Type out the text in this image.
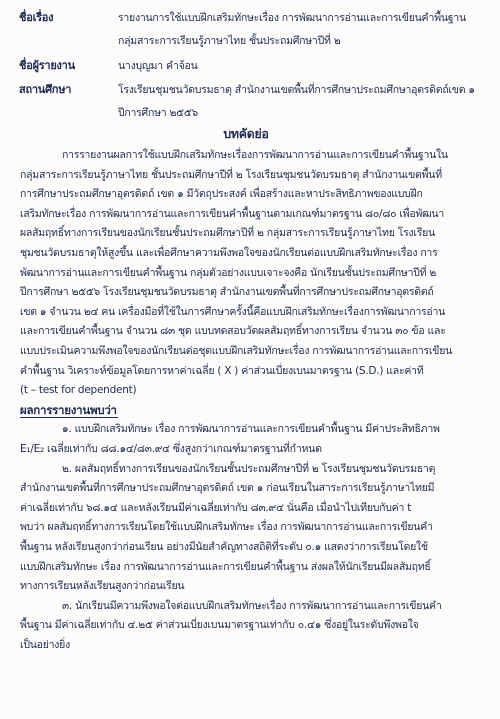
ชื่อเรื่อง	รายงานการใช้แบบฝึกเสริมทักษะเรื่อง การพัฒนาการอ่านและการเขียนคำพื้นฐาน
กลุ่มสาระการเรียนรู้ภาษาไทย ชั้นประถมศึกษาปีที่ ๒
ชื่อผู้รายงาน	นางบุญมา คำจ้อน
สถานศึกษา	โรงเรียนชุมชนวัดบรมธาตุ สำนักงานเขตพื้นที่การศึกษาประถมศึกษาอุตรดิตถ์เขต ๑
ปีการศึกษา ๒๕๕๖
บทคัดย่อ
การรายงานผลการใช้แบบฝึกเสริมทักษะเรื่องการพัฒนาการอ่านและการเขียนคำพื้นฐานใน
กลุ่มสาระการเรียนรู้ภาษาไทย ชั้นประถมศึกษาปีที่ ๒ โรงเรียนชุมชนวัดบรมธาตุ สำนักงานเขตพื้นที่
การศึกษาประถมศึกษาอุตรดิตถ์ เขต ๑ มีวัตถุประสงค์ เพื่อสร้างและหาประสิทธิภาพของแบบฝึก
เสริมทักษะเรื่อง การพัฒนาการอ่านและการเขียนคำพื้นฐานตามเกณฑ์มาตรฐาน ๘๐/๘๐ เพื่อพัฒนา
ผลสัมฤทธิ์ทางการเรียนของนักเรียนชั้นประถมศึกษาปีที่ ๒ กลุ่มสาระการเรียนรู้ภาษาไทย โรงเรียน
ชุมชนวัดบรมธาตุให้สูงขึ้น และเพื่อศึกษาความพึงพอใจของนักเรียนต่อแบบฝึกเสริมทักษะเรื่อง การ
พัฒนาการอ่านและการเขียนคำพื้นฐาน กลุ่มตัวอย่างแบบเจาะจงคือ นักเรียนชั้นประถมศึกษาปีที่ ๒
ปีการศึกษา ๒๕๕๖ โรงเรียนชุมชนวัดบรมธาตุ สำนักงานเขตพื้นที่การศึกษาประถมศึกษาอุตรดิตถ์
เขต ๑ จำนวน ๒๔ คน เครื่องมือที่ใช้ในการศึกษาครั้งนี้คือแบบฝึกเสริมทักษะเรื่องการพัฒนาการอ่าน
และการเขียนคำพื้นฐาน จำนวน ๘๓ ชุด แบบทดสอบวัดผลสัมฤทธิ์ทางการเรียน จำนวน ๓๐ ข้อ และ
แบบประเมินความพึงพอใจของนักเรียนต่อชุดแบบฝึกเสริมทักษะเรื่อง การพัฒนาการอ่านและการเขียน
คำพื้นฐาน วิเคราะห์ข้อมูลโดยการหาค่าเฉลี่ย ( X ) ค่าส่วนเบี่ยงเบนมาตรฐาน (S.D.) และค่าที
(t – test for dependent)
ผลการรายงานพบว่า
๑. แบบฝึกเสริมทักษะ เรื่อง การพัฒนาการอ่านและการเขียนคำพื้นฐาน มีค่าประสิทธิภาพ
E₁/E₂ เฉลี่ยเท่ากับ ๘๘.๑๔/๘๓.๙๔ ซึ่งสูงกว่าเกณฑ์มาตรฐานที่กำหนด
๒. ผลสัมฤทธิ์ทางการเรียนของนักเรียนชั้นประถมศึกษาปีที่ ๒ โรงเรียนชุมชนวัดบรมธาตุ
สำนักงานเขตพื้นที่การศึกษาประถมศึกษาอุตรดิตถ์ เขต ๑ ก่อนเรียนในสาระการเรียนรู้ภาษาไทยมี
ค่าเฉลี่ยเท่ากับ ๖๘.๑๔ และหลังเรียนมีค่าเฉลี่ยเท่ากับ ๘๓.๙๔ นั่นคือ เมื่อนำไปเทียบกับค่า t
พบว่า ผลสัมฤทธิ์ทางการเรียนโดยใช้แบบฝึกเสริมทักษะ เรื่อง การพัฒนาการอ่านและการเขียนคำ
พื้นฐาน หลังเรียนสูงกว่าก่อนเรียน อย่างมีนัยสำคัญทางสถิติที่ระดับ ๐.๑ แสดงว่าการเรียนโดยใช้
แบบฝึกเสริมทักษะ เรื่อง การพัฒนาการอ่านและการเขียนคำพื้นฐาน ส่งผลให้นักเรียนมีผลสัมฤทธิ์
ทางการเรียนหลังเรียนสูงกว่าก่อนเรียน
๓. นักเรียนมีความพึงพอใจต่อแบบฝึกเสริมทักษะเรื่อง การพัฒนาการอ่านและการเขียนคำ
พื้นฐาน มีค่าเฉลี่ยเท่ากับ ๔.๒๕ ค่าส่วนเบี่ยงเบนมาตรฐานเท่ากับ ๐.๔๑ ซึ่งอยู่ในระดับพึงพอใจ
เป็นอย่างยิ่ง
